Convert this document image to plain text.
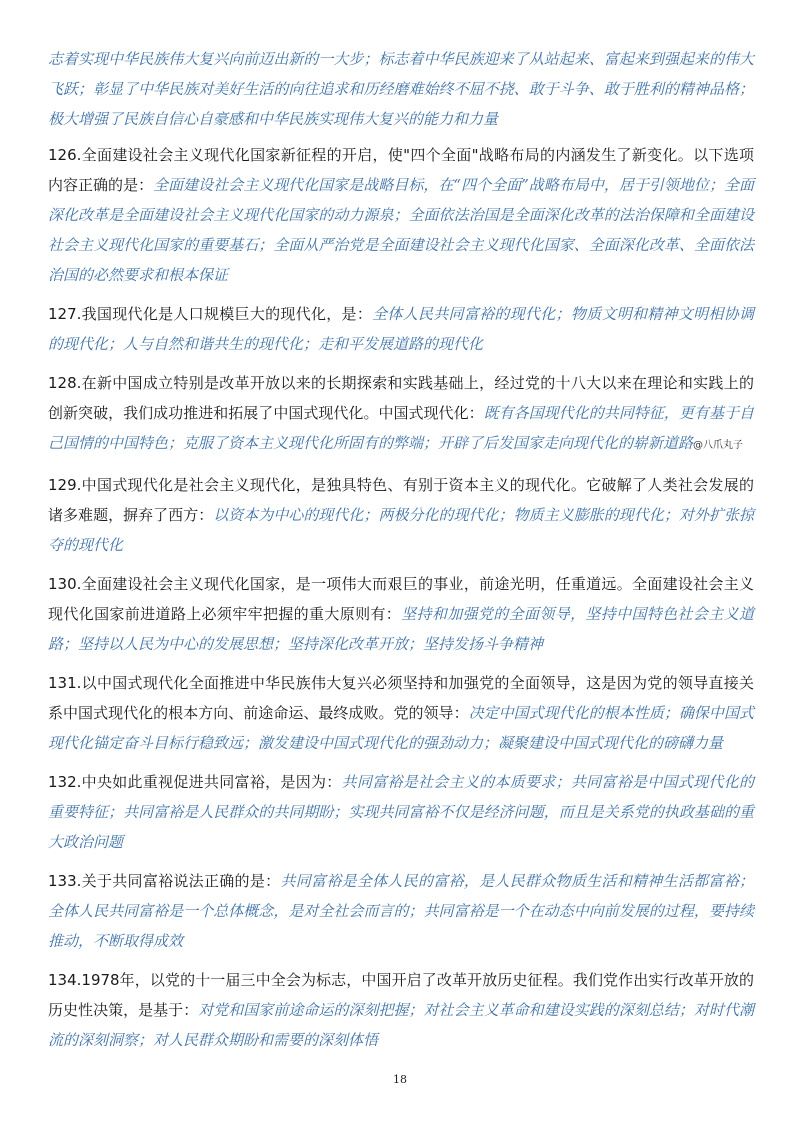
志着实现中华民族伟大复兴向前迈出新的一大步；标志着中华民族迎来了从站起来、富起来到强起来的伟大飞跃；彰显了中华民族对美好生活的向往追求和历经磨难始终不屈不挠、敢于斗争、敢于胜利的精神品格；极大增强了民族自信心自豪感和中华民族实现伟大复兴的能力和力量

126.全面建设社会主义现代化国家新征程的开启，使"四个全面"战略布局的内涵发生了新变化。以下选项内容正确的是：全面建设社会主义现代化国家是战略目标，在“四个全面”战略布局中，居于引领地位；全面深化改革是全面建设社会主义现代化国家的动力源泉；全面依法治国是全面深化改革的法治保障和全面建设社会主义现代化国家的重要基石；全面从严治党是全面建设社会主义现代化国家、全面深化改革、全面依法治国的必然要求和根本保证

127.我国现代化是人口规模巨大的现代化，是：全体人民共同富裕的现代化；物质文明和精神文明相协调的现代化；人与自然和谐共生的现代化；走和平发展道路的现代化

128.在新中国成立特别是改革开放以来的长期探索和实践基础上，经过党的十八大以来在理论和实践上的创新突破，我们成功推进和拓展了中国式现代化。中国式现代化：既有各国现代化的共同特征，更有基于自己国情的中国特色；克服了资本主义现代化所固有的弊端；开辟了后发国家走向现代化的崭新道路@八爪丸子

129.中国式现代化是社会主义现代化，是独具特色、有别于资本主义的现代化。它破解了人类社会发展的诸多难题，摒弃了西方：以资本为中心的现代化；两极分化的现代化；物质主义膨胀的现代化；对外扩张掠夺的现代化

130.全面建设社会主义现代化国家，是一项伟大而艰巨的事业，前途光明，任重道远。全面建设社会主义现代化国家前进道路上必须牢牢把握的重大原则有：坚持和加强党的全面领导，坚持中国特色社会主义道路；坚持以人民为中心的发展思想；坚持深化改革开放；坚持发扬斗争精神

131.以中国式现代化全面推进中华民族伟大复兴必须坚持和加强党的全面领导，这是因为党的领导直接关系中国式现代化的根本方向、前途命运、最终成败。党的领导：决定中国式现代化的根本性质；确保中国式现代化锚定奋斗目标行稳致远；激发建设中国式现代化的强劲动力；凝聚建设中国式现代化的磅礴力量

132.中央如此重视促进共同富裕，是因为：共同富裕是社会主义的本质要求；共同富裕是中国式现代化的重要特征；共同富裕是人民群众的共同期盼；实现共同富裕不仅是经济问题，而且是关系党的执政基础的重大政治问题

133.关于共同富裕说法正确的是：共同富裕是全体人民的富裕，是人民群众物质生活和精神生活都富裕；全体人民共同富裕是一个总体概念，是对全社会而言的；共同富裕是一个在动态中向前发展的过程，要持续推动，不断取得成效

134.1978年，以党的十一届三中全会为标志，中国开启了改革开放历史征程。我们党作出实行改革开放的历史性决策，是基于：对党和国家前途命运的深刻把握；对社会主义革命和建设实践的深刻总结；对时代潮流的深刻洞察；对人民群众期盼和需要的深刻体悟

18
